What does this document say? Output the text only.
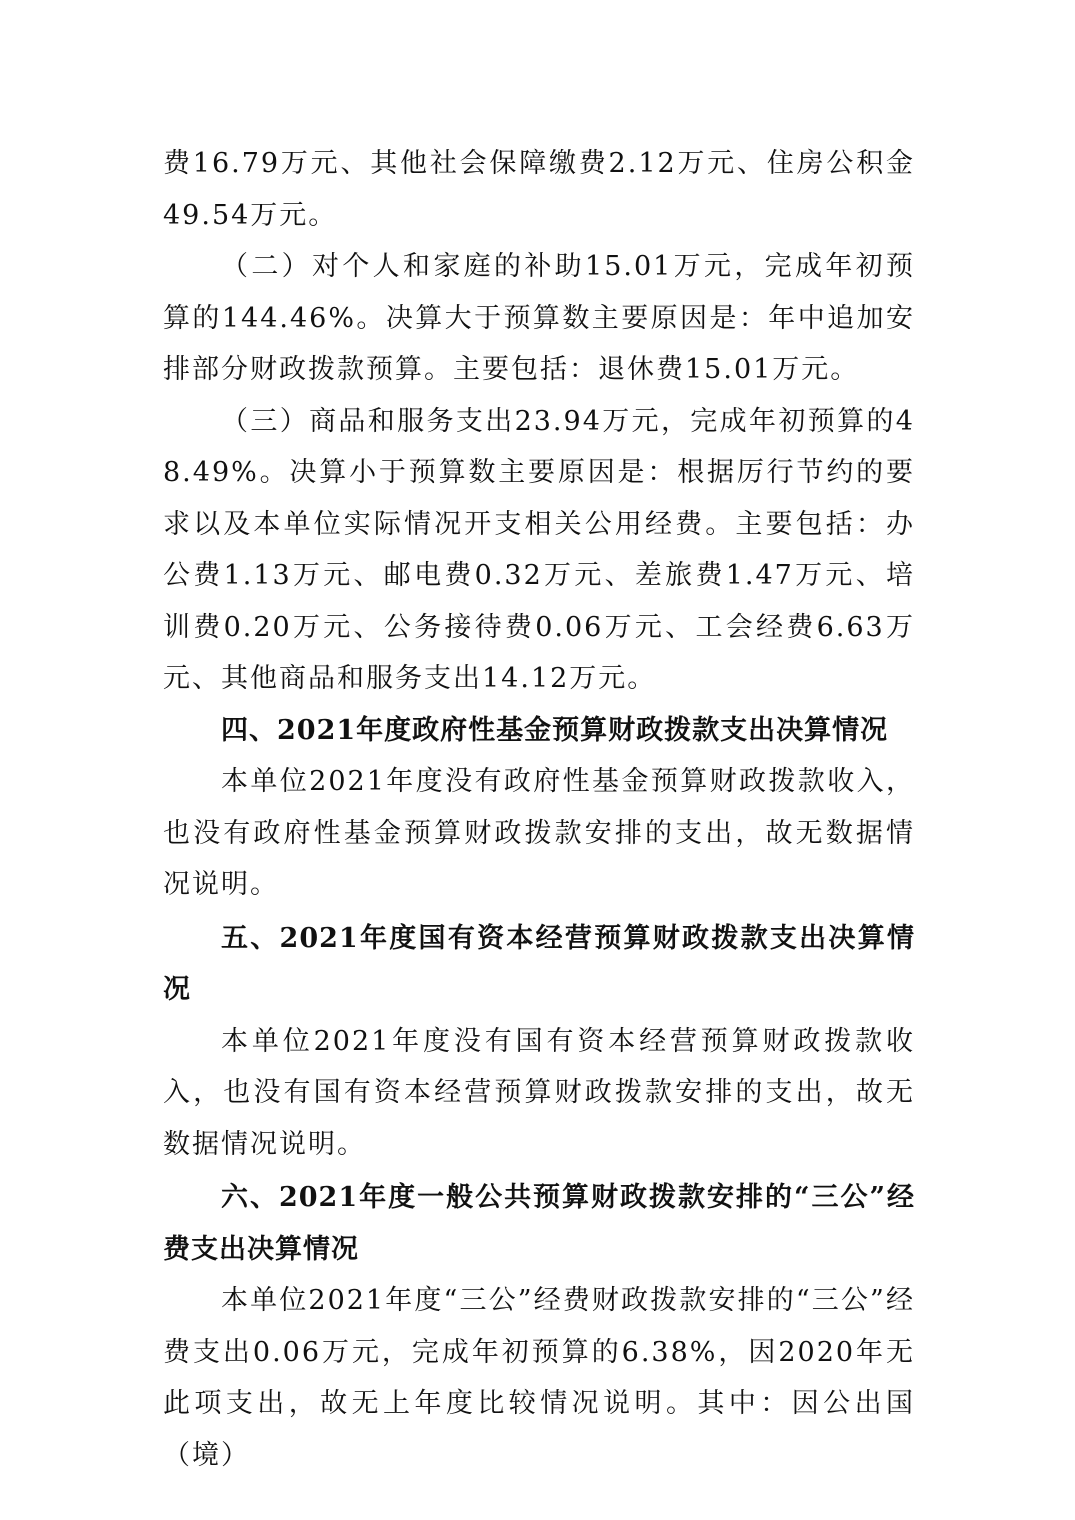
费16.79万元、其他社会保障缴费2.12万元、住房公积金49.54万元。

（二）对个人和家庭的补助15.01万元，完成年初预算的144.46%。决算大于预算数主要原因是：年中追加安排部分财政拨款预算。主要包括：退休费15.01万元。

（三）商品和服务支出23.94万元，完成年初预算的48.49%。决算小于预算数主要原因是：根据厉行节约的要求以及本单位实际情况开支相关公用经费。主要包括：办公费1.13万元、邮电费0.32万元、差旅费1.47万元、培训费0.20万元、公务接待费0.06万元、工会经费6.63万元、其他商品和服务支出14.12万元。

四、2021年度政府性基金预算财政拨款支出决算情况

本单位2021年度没有政府性基金预算财政拨款收入，也没有政府性基金预算财政拨款安排的支出，故无数据情况说明。

五、2021年度国有资本经营预算财政拨款支出决算情况

本单位2021年度没有国有资本经营预算财政拨款收入，也没有国有资本经营预算财政拨款安排的支出，故无数据情况说明。

六、2021年度一般公共预算财政拨款安排的“三公”经费支出决算情况

本单位2021年度“三公”经费财政拨款安排的“三公”经费支出0.06万元，完成年初预算的6.38%，因2020年无此项支出，故无上年度比较情况说明。其中：因公出国（境）
